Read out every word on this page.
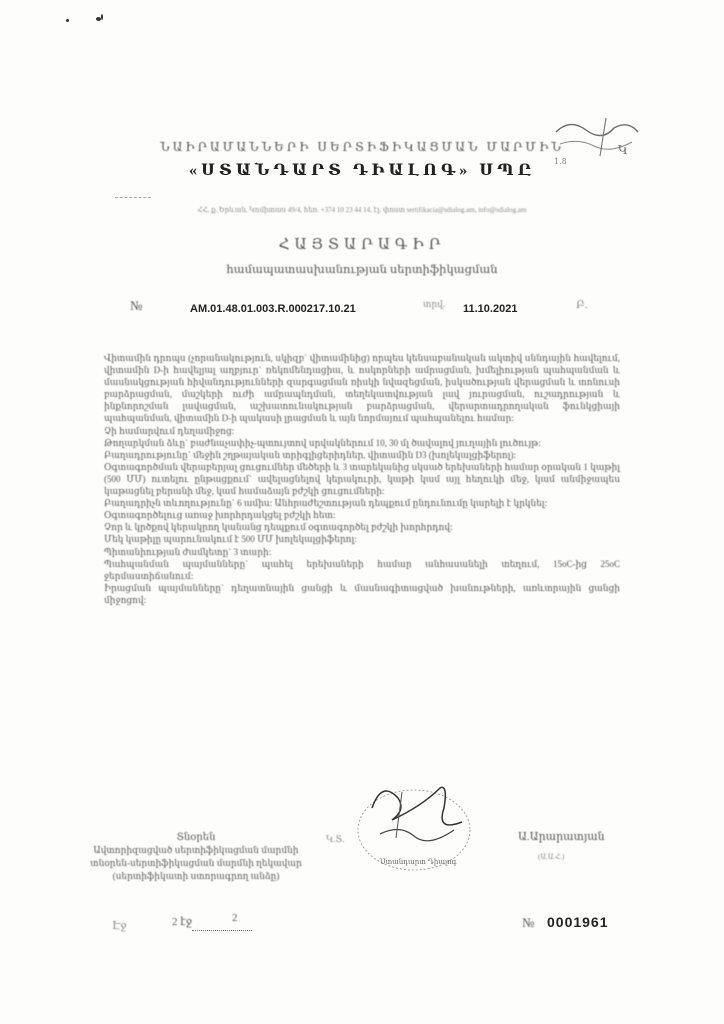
Կ
1.8
ՆԱԻՐԱՄԱՆՆԵՐԻ ՍԵՐՏԻՖԻԿԱՑՄԱՆ ՄԱՐՄԻՆ
«ՍՏԱՆԴԱՐՏ ԴԻԱԼՈԳ» ՍՊԸ
ՀՀ, ք. Երևան, Կոմիտաս 49/4, հեռ. +374 10 23 44 14, էլ. փոստ sertifikacia@sdialog.am, info@sdialog.am
ՀԱՅՏԱՐԱԳԻՐ
համապատասխանության սերտիֆիկացման
№	AM.01.48.01.003.R.000217.10.21	տրվ. 11.10.2021	Բ.

Վիտամին դրոպս (չորանակություն, սկիզբ` վիտամինից) որպես կենսաբանական ակտիվ սննդային հավելում, վիտամին D-ի հավելյալ աղբյուր` ռեկոմենդացիա, և ոսկորների ամրացման, խմելիության պահպանման և մասնակցության հիվանդությունների զարգացման ռիսկի նվազեցման, իսկածության վերացման և տոնուսի բարձրացման, մաշկերի ուժի ամրապնդման, տեղեկատվության լավ յուրացման, ուշադրության և ինքնորոշման լավացման, աշխատունակության բարձրացման, վերարտադրողական ֆունկցիայի պահպանման, վիտամին D-ի պակասի լրացման և այն նորմայում պահպանելու համար:

Չի համարվում դեղամիջոց:

Թողարկման ձևը` բաժնաչափիչ-պտույտով սրվակներում 10, 30 մլ ծավալով յուղային լուծույթ:

Բաղադրությունը` մեջին շղթայական տրիգլիցերիդներ, վիտամին D3 (խոլեկալցիֆերոլ):

Օգտագործման վերաբերյալ ցուցումներ մեծերի և 3 տարեկանից սկսած երեխաների համար օրական 1 կաթիլ (500 ՄՄ) ուտելու ընթացքում` ավելացնելով կերակուրի, կաթի կամ այլ հեղուկի մեջ, կամ անմիջապես կաթացնել բերանի մեջ, կամ համաձայն բժշկի ցուցումների:

Բաղադրիչն տևողությունը` 6 ամիս: Անհրաժեշտության դեպքում ընդունումը կարելի է կրկնել:

Օգտագործելուց առաջ խորհրդակցել բժշկի հետ:

Չոր և կրծքով կերակրող կանանց դեպքում օգտագործել բժշկի խորհրդով:

Մեկ կաթիլը պարունակում է 500 ՄՄ խոլեկալցիֆերոլ:

Պիտանիության ժամկետը` 3 տարի:

Պահպանման պայմանները` պահել երեխաների համար անհասանելի տեղում, 15oC-ից 25oC ջերմաստիճանում:

Իրացման պայմանները` դեղատնային ցանցի և մասնագիտացված խանութների, առևտրային ցանցի միջոցով:

Ստանդարտ Դիալոգ
Տնօրեն
Ավտորիզացված սերտիֆիկացման մարմնի
տնօրեն-սերտիֆիկացման մարմնի ղեկավար
(սերտիֆիկատի ստորագրող անձը)
Կ.Տ.	Ա.Արարատյան
(Ա.Ա.Հ.)
Էջ	2 էջ	2	№ 0001961
